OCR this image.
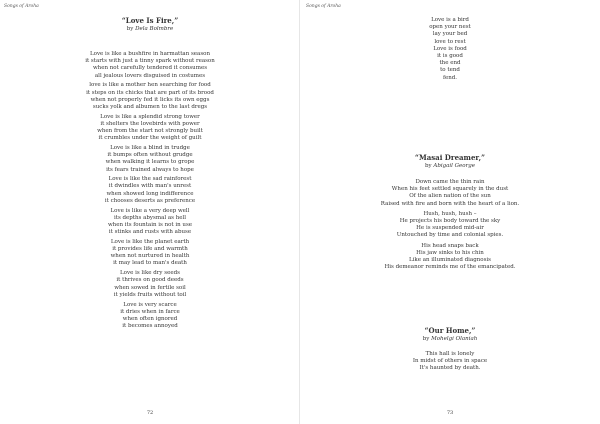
Songs of Aroha
“Love Is Fire,”
by Dela Bolmbre
Love is like a bushfire in harmattan season
it starts with just a tinny spark without reason
when not carefully tendered it consumes
all jealous lovers disguised in costumes
love is like a mother hen searching for food
it steps on its chicks that are part of its brood
when not properly fed it licks its own eggs
sucks yolk and albumen to the last dregs
Love is like a splendid strong tower
it shelters the lovebirds with power
when from the start not strongly built
it crumbles under the weight of guilt
Love is like a blind in trudge
it bumps often without grudge
when walking it learns to grope
its fears trained always to hope
Love is like the sad rainforest
it dwindles with man's unrest
when showed long indifference
it chooses deserts as preference
Love is like a very deep well
its depths abysmal as hell
when its fountain is not in use
it stinks and rusts with abuse
Love is like the planet earth
it provides life and warmth
when not nurtured in health
it may lead to man's death
Love is like dry seeds
it thrives on good deeds
when sowed in fertile soil
it yields fruits without toil
Love is very scarce
it dries when in farce
when often ignored
it becomes annoyed
72
Songs of Aroha
Love is a bird
open your nest
lay your bed
love to rest
Love is food
it is good
the end
to tend
fend.
“Masai Dreamer,”
by Abigail George
Down came the thin rain
When his feet settled squarely in the dust
Of the alien nation of the sun
Raised with fire and born with the heart of a lion.
Hush, hush, hush –
He projects his body toward the sky
He is suspended mid-air
Untouched by time and colonial spies.
His head snaps back
His jaw sinks to his chin
Like an illuminated diagnosis
His demeanor reminds me of the emancipated.
“Our Home,”
by Mohelgi Olaniah
This hall is lonely
In midst of others in space
It's haunted by death.
73
